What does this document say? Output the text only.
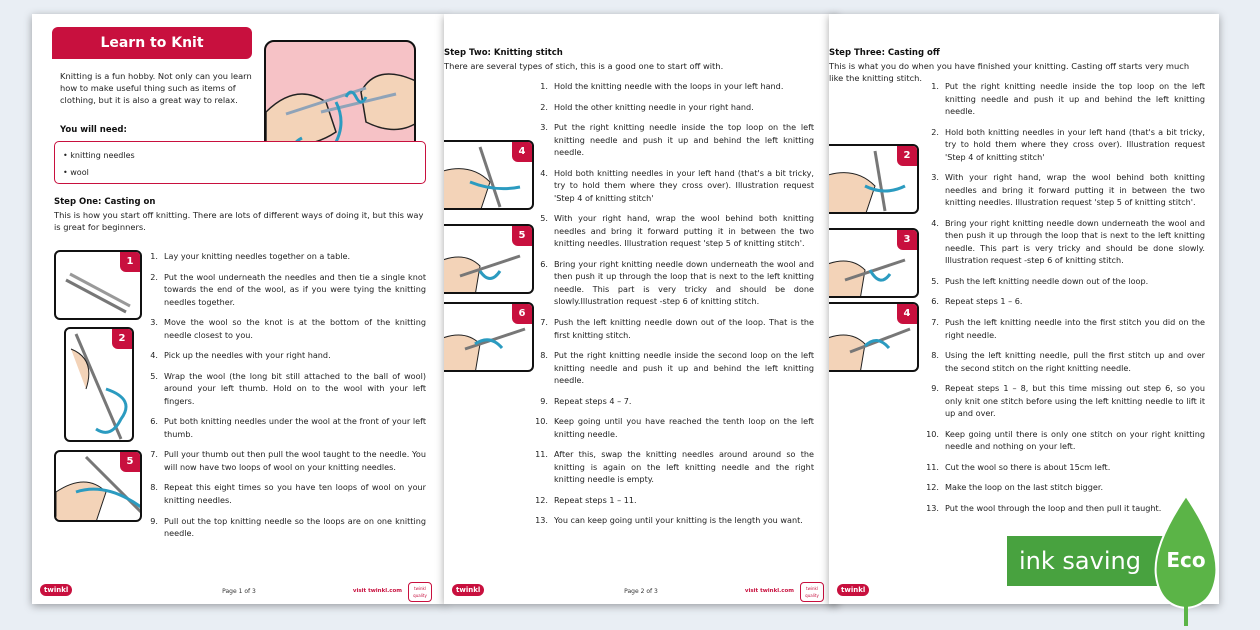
Learn to Knit
Knitting is a fun hobby. Not only can you learn how to make useful thing such as items of clothing, but it is also a great way to relax.
You will need:
• knitting needles
• wool
Step One: Casting on
This is how you start off knitting. There are lots of different ways of doing it, but this way is great for beginners.
1
2
5
1. Lay your knitting needles together on a table.
2. Put the wool underneath the needles and then tie a single knot towards the end of the wool, as if you were tying the knitting needles together.
3. Move the wool so the knot is at the bottom of the knitting needle closest to you.
4. Pick up the needles with your right hand.
5. Wrap the wool (the long bit still attached to the ball of wool) around your left thumb. Hold on to the wool with your left fingers.
6. Put both knitting needles under the wool at the front of your left thumb.
7. Pull your thumb out then pull the wool taught to the needle. You will now have two loops of wool on your knitting needles.
8. Repeat this eight times so you have ten loops of wool on your knitting needles.
9. Pull out the top knitting needle so the loops are on one knitting needle.
twinkl	Page 1 of 3	visit twinkl.com	twinkl quality
Step Two: Knitting stitch
There are several types of stich, this is a good one to start off with.
4
5
6
1. Hold the knitting needle with the loops in your left hand.
2. Hold the other knitting needle in your right hand.
3. Put the right knitting needle inside the top loop on the left knitting needle and push it up and behind the left knitting needle.
4. Hold both knitting needles in your left hand (that's a bit tricky, try to hold them where they cross over). Illustration request 'Step 4 of knitting stitch'
5. With your right hand, wrap the wool behind both knitting needles and bring it forward putting it in between the two knitting needles. Illustration request 'step 5 of knitting stitch'.
6. Bring your right knitting needle down underneath the wool and then push it up through the loop that is next to the left knitting needle. This part is very tricky and should be done slowly.Illustration request -step 6 of knitting stitch.
7. Push the left knitting needle down out of the loop. That is the first knitting stitch.
8. Put the right knitting needle inside the second loop on the left knitting needle and push it up and behind the left knitting needle.
9. Repeat steps 4 – 7.
10. Keep going until you have reached the tenth loop on the left knitting needle.
11. After this, swap the knitting needles around around so the knitting is again on the left knitting needle and the right knitting needle is empty.
12. Repeat steps 1 – 11.
13. You can keep going until your knitting is the length you want.
twinkl	Page 2 of 3	visit twinkl.com	twinkl quality
Step Three: Casting off
This is what you do when you have finished your knitting. Casting off starts very much like the knitting stitch.
2
3
4
1. Put the right knitting needle inside the top loop on the left knitting needle and push it up and behind the left knitting needle.
2. Hold both knitting needles in your left hand (that's a bit tricky, try to hold them where they cross over). Illustration request 'Step 4 of knitting stitch'
3. With your right hand, wrap the wool behind both knitting needles and bring it forward putting it in between the two knitting needles. Illustration request 'step 5 of knitting stitch'.
4. Bring your right knitting needle down underneath the wool and then push it up through the loop that is next to the left knitting needle. This part is very tricky and should be done slowly. Illustration request -step 6 of knitting stitch.
5. Push the left knitting needle down out of the loop.
6. Repeat steps 1 – 6.
7. Push the left knitting needle into the first stitch you did on the right needle.
8. Using the left knitting needle, pull the first stitch up and over the second stitch on the right knitting needle.
9. Repeat steps 1 – 8, but this time missing out step 6, so you only knit one stitch before using the left knitting needle to lift it up and over.
10. Keep going until there is only one stitch on your right knitting needle and nothing on your left.
11. Cut the wool so there is about 15cm left.
12. Make the loop on the last stitch bigger.
13. Put the wool through the loop and then pull it taught.
twinkl
ink saving	Eco
